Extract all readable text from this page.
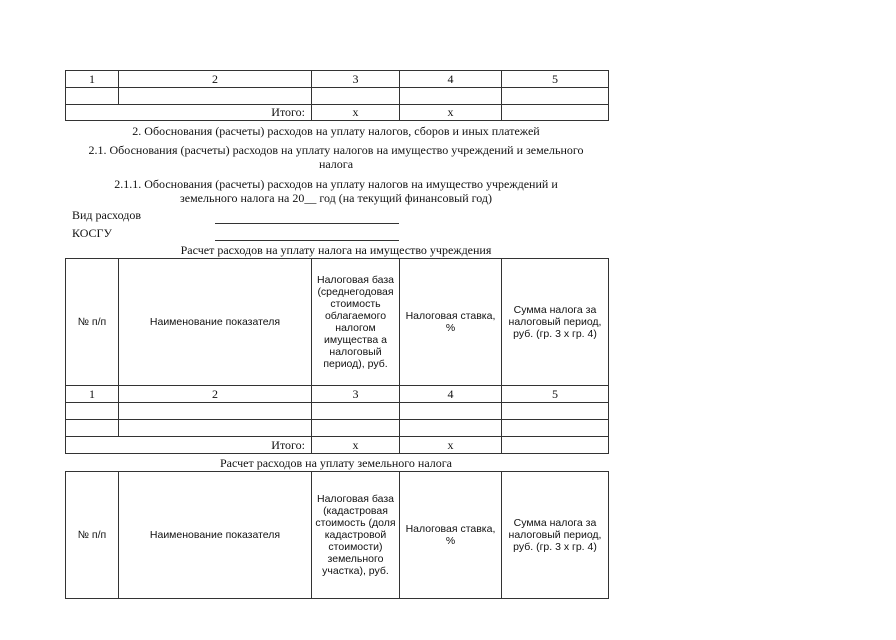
1	2	3	4	5

Итого:		x	x	
2. Обоснования (расчеты) расходов на уплату налогов, сборов и иных платежей
2.1. Обоснования (расчеты) расходов на уплату налогов на имущество учреждений и земельного
налога
2.1.1. Обоснования (расчеты) расходов на уплату налогов на имущество учреждений и
земельного налога на 20__ год (на текущий финансовый год)
Вид расходов
КОСГУ
Расчет расходов на уплату налога на имущество учреждения
№ п/п	Наименование показателя	Налоговая база (среднегодовая стоимость облагаемого налогом имущества а налоговый период), руб.	Налоговая ставка, %	Сумма налога за налоговый период, руб. (гр. 3 x гр. 4)
1	2	3	4	5

Итого:		x	x	
Расчет расходов на уплату земельного налога
№ п/п	Наименование показателя	Налоговая база (кадастровая стоимость (доля кадастровой стоимости) земельного участка), руб.	Налоговая ставка, %	Сумма налога за налоговый период, руб. (гр. 3 x гр. 4)
